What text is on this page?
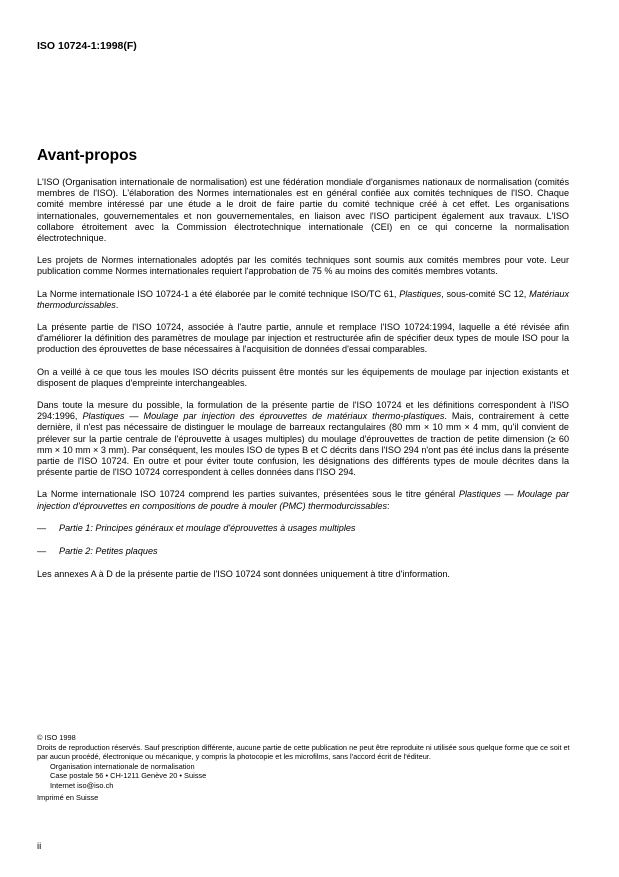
ISO 10724-1:1998(F)
Avant-propos

L'ISO (Organisation internationale de normalisation) est une fédération mondiale d'organismes nationaux de normalisation (comités membres de l'ISO). L'élaboration des Normes internationales est en général confiée aux comités techniques de l'ISO. Chaque comité membre intéressé par une étude a le droit de faire partie du comité technique créé à cet effet. Les organisations internationales, gouvernementales et non gouvernementales, en liaison avec l'ISO participent également aux travaux. L'ISO collabore étroitement avec la Commission électrotechnique internationale (CEI) en ce qui concerne la normalisation électrotechnique.

Les projets de Normes internationales adoptés par les comités techniques sont soumis aux comités membres pour vote. Leur publication comme Normes internationales requiert l'approbation de 75 % au moins des comités membres votants.

La Norme internationale ISO 10724-1 a été élaborée par le comité technique ISO/TC 61, Plastiques, sous-comité SC 12, Matériaux thermodurcissables.

La présente partie de l'ISO 10724, associée à l'autre partie, annule et remplace l'ISO 10724:1994, laquelle a été révisée afin d'améliorer la définition des paramètres de moulage par injection et restructurée afin de spécifier deux types de moule ISO pour la production des éprouvettes de base nécessaires à l'acquisition de données d'essai comparables.

On a veillé à ce que tous les moules ISO décrits puissent être montés sur les équipements de moulage par injection existants et disposent de plaques d'empreinte interchangeables.

Dans toute la mesure du possible, la formulation de la présente partie de l'ISO 10724 et les définitions correspondent à l'ISO 294:1996, Plastiques — Moulage par injection des éprouvettes de matériaux thermo-plastiques. Mais, contrairement à cette dernière, il n'est pas nécessaire de distinguer le moulage de barreaux rectangulaires (80 mm × 10 mm × 4 mm, qu'il convient de prélever sur la partie centrale de l'éprouvette à usages multiples) du moulage d'éprouvettes de traction de petite dimension (≥ 60 mm × 10 mm × 3 mm). Par conséquent, les moules ISO de types B et C décrits dans l'ISO 294 n'ont pas été inclus dans la présente partie de l'ISO 10724. En outre et pour éviter toute confusion, les désignations des différents types de moule décrites dans la présente partie de l'ISO 10724 correspondent à celles données dans l'ISO 294.

La Norme internationale ISO 10724 comprend les parties suivantes, présentées sous le titre général Plastiques — Moulage par injection d'éprouvettes en compositions de poudre à mouler (PMC) thermodurcissables:

—	Partie 1: Principes généraux et moulage d'éprouvettes à usages multiples
—	Partie 2: Petites plaques

Les annexes A à D de la présente partie de l'ISO 10724 sont données uniquement à titre d'information.

© ISO 1998
Droits de reproduction réservés. Sauf prescription différente, aucune partie de cette publication ne peut être reproduite ni utilisée sous quelque forme que ce soit et par aucun procédé, électronique ou mécanique, y compris la photocopie et les microfilms, sans l'accord écrit de l'éditeur.
Organisation internationale de normalisation
Case postale 56 • CH-1211 Genève 20 • Suisse
Internet iso@iso.ch
Imprimé en Suisse
ii
